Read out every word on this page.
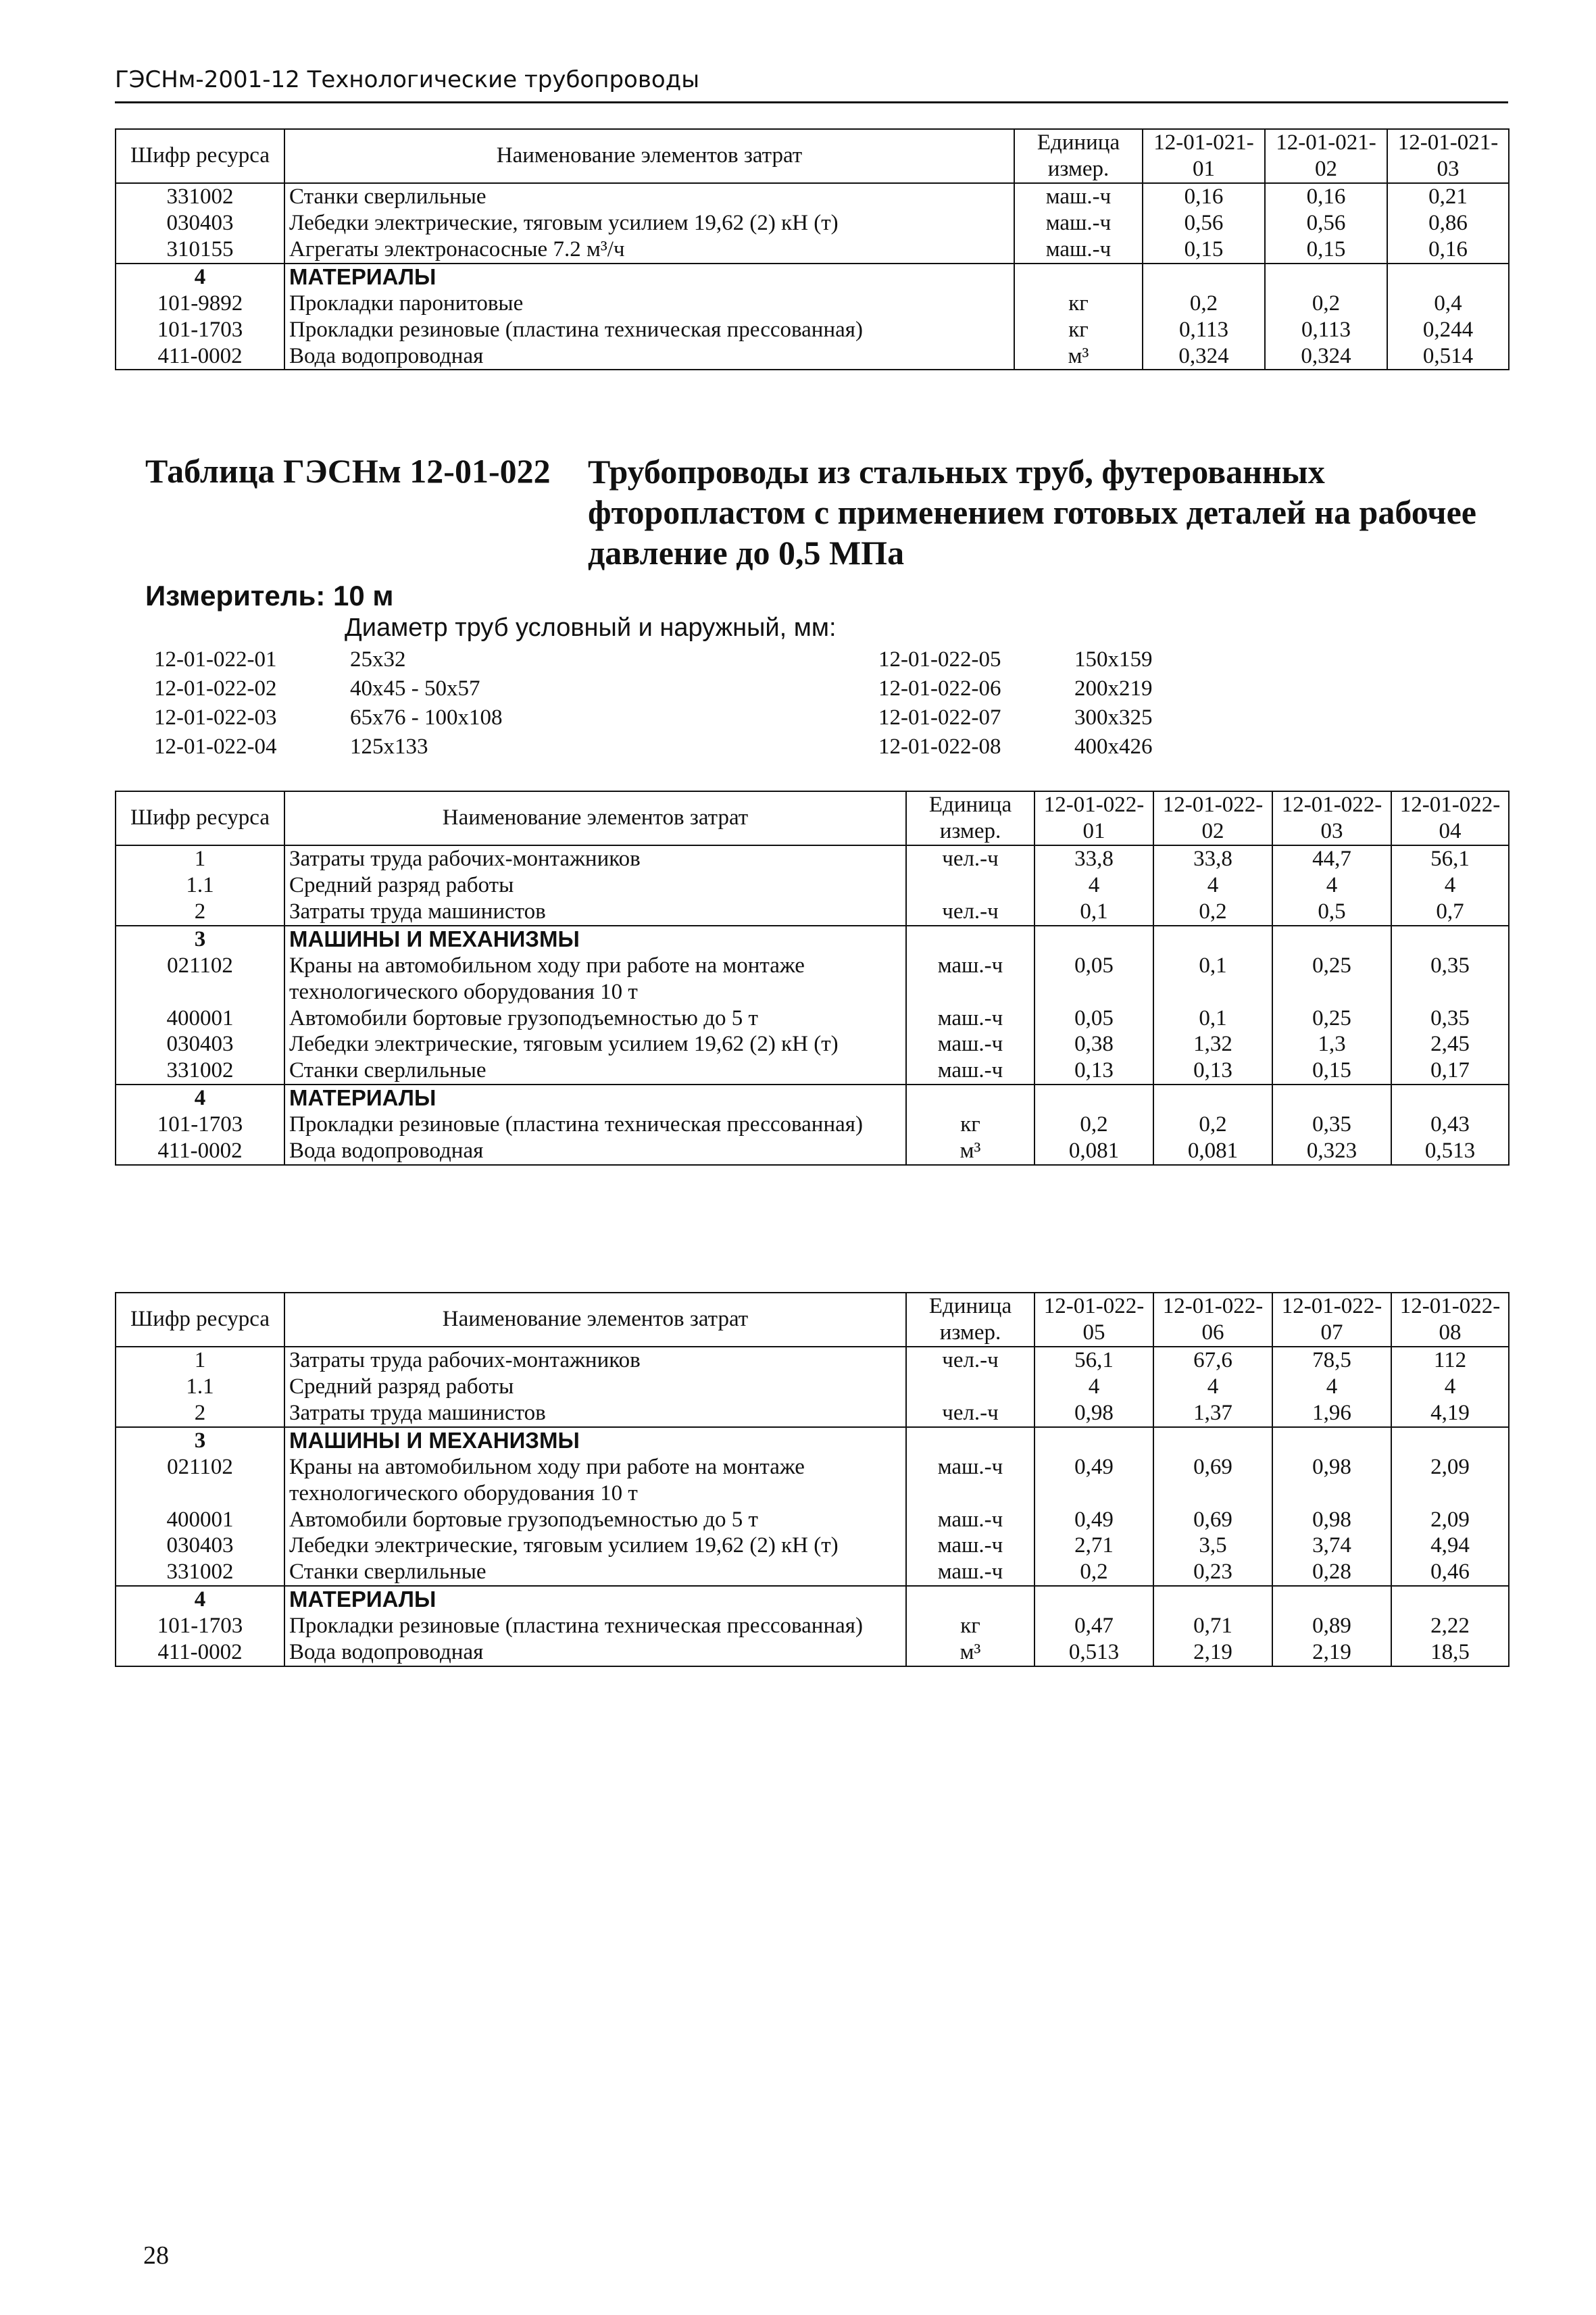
ГЭСНм-2001-12 Технологические трубопроводы
Шифр ресурса	Наименование элементов затрат	Единица измер.	12-01-021-01	12-01-021-02	12-01-021-03
331002	Станки сверлильные	маш.-ч	0,16	0,16	0,21
030403	Лебедки электрические, тяговым усилием 19,62 (2) кН (т)	маш.-ч	0,56	0,56	0,86
310155	Агрегаты электронасосные 7.2 м³/ч	маш.-ч	0,15	0,15	0,16
4	МАТЕРИАЛЫ				
101-9892	Прокладки паронитовые	кг	0,2	0,2	0,4
101-1703	Прокладки резиновые (пластина техническая прессованная)	кг	0,113	0,113	0,244
411-0002	Вода водопроводная	м³	0,324	0,324	0,514
Таблица ГЭСНм 12-01-022 Трубопроводы из стальных труб, футерованных фторопластом с применением готовых деталей на рабочее давление до 0,5 МПа
Измеритель: 10 м
Диаметр труб условный и наружный, мм:
12-01-022-01	25x32
12-01-022-02	40x45 - 50x57
12-01-022-03	65x76 - 100x108
12-01-022-04	125x133
12-01-022-05	150x159
12-01-022-06	200x219
12-01-022-07	300x325
12-01-022-08	400x426
Шифр ресурса	Наименование элементов затрат	Единица измер.	12-01-022-01	12-01-022-02	12-01-022-03	12-01-022-04
1	Затраты труда рабочих-монтажников	чел.-ч	33,8	33,8	44,7	56,1
1.1	Средний разряд работы		4	4	4	4
2	Затраты труда машинистов	чел.-ч	0,1	0,2	0,5	0,7
3	МАШИНЫ И МЕХАНИЗМЫ					
021102	Краны на автомобильном ходу при работе на монтаже технологического оборудования 10 т	маш.-ч	0,05	0,1	0,25	0,35
400001	Автомобили бортовые грузоподъемностью до 5 т	маш.-ч	0,05	0,1	0,25	0,35
030403	Лебедки электрические, тяговым усилием 19,62 (2) кН (т)	маш.-ч	0,38	1,32	1,3	2,45
331002	Станки сверлильные	маш.-ч	0,13	0,13	0,15	0,17
4	МАТЕРИАЛЫ					
101-1703	Прокладки резиновые (пластина техническая прессованная)	кг	0,2	0,2	0,35	0,43
411-0002	Вода водопроводная	м³	0,081	0,081	0,323	0,513
Шифр ресурса	Наименование элементов затрат	Единица измер.	12-01-022-05	12-01-022-06	12-01-022-07	12-01-022-08
1	Затраты труда рабочих-монтажников	чел.-ч	56,1	67,6	78,5	112
1.1	Средний разряд работы		4	4	4	4
2	Затраты труда машинистов	чел.-ч	0,98	1,37	1,96	4,19
3	МАШИНЫ И МЕХАНИЗМЫ					
021102	Краны на автомобильном ходу при работе на монтаже технологического оборудования 10 т	маш.-ч	0,49	0,69	0,98	2,09
400001	Автомобили бортовые грузоподъемностью до 5 т	маш.-ч	0,49	0,69	0,98	2,09
030403	Лебедки электрические, тяговым усилием 19,62 (2) кН (т)	маш.-ч	2,71	3,5	3,74	4,94
331002	Станки сверлильные	маш.-ч	0,2	0,23	0,28	0,46
4	МАТЕРИАЛЫ					
101-1703	Прокладки резиновые (пластина техническая прессованная)	кг	0,47	0,71	0,89	2,22
411-0002	Вода водопроводная	м³	0,513	2,19	2,19	18,5
28
